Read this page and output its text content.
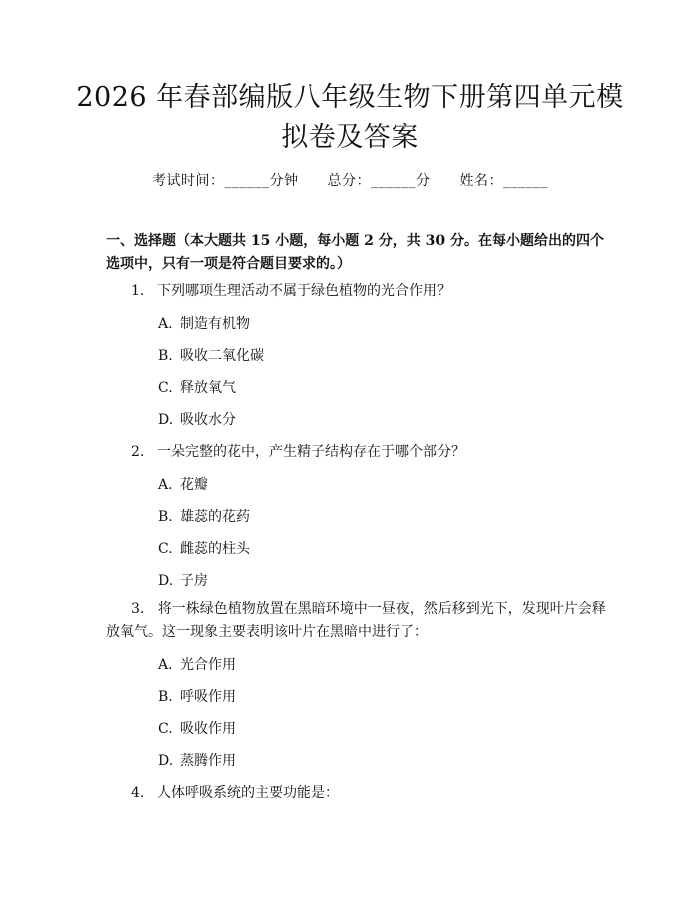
2026 年春部编版八年级生物下册第四单元模
拟卷及答案
考试时间：______分钟 总分：______分 姓名：______
一、选择题（本大题共 15 小题，每小题 2 分，共 30 分。在每小题给出的四个选项中，只有一项是符合题目要求的。）
1. 下列哪项生理活动不属于绿色植物的光合作用？
A. 制造有机物
B. 吸收二氧化碳
C. 释放氧气
D. 吸收水分
2. 一朵完整的花中，产生精子结构存在于哪个部分？
A. 花瓣
B. 雄蕊的花药
C. 雌蕊的柱头
D. 子房
3. 将一株绿色植物放置在黑暗环境中一昼夜，然后移到光下，发现叶片会释放氧气。这一现象主要表明该叶片在黑暗中进行了：
A. 光合作用
B. 呼吸作用
C. 吸收作用
D. 蒸腾作用
4. 人体呼吸系统的主要功能是：
